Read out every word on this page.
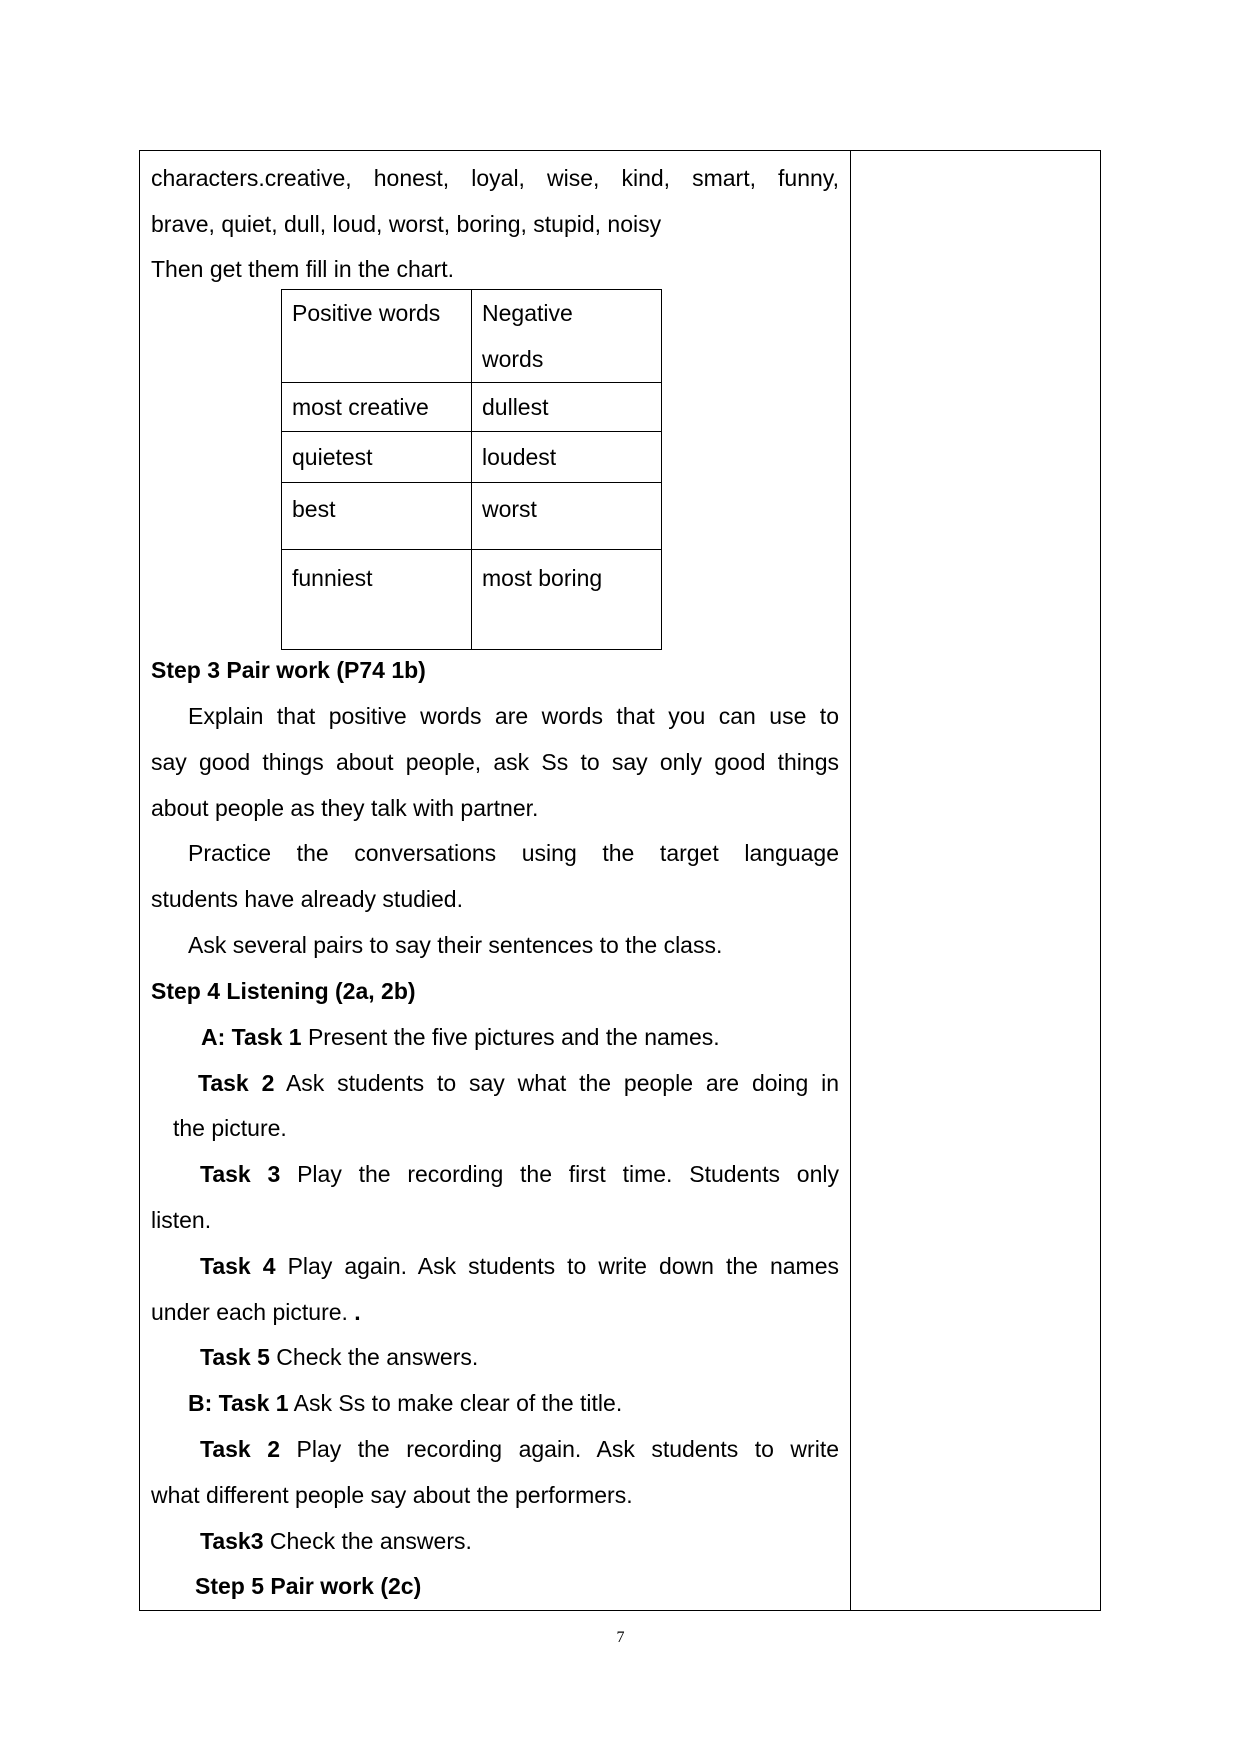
characters.creative, honest, loyal, wise, kind, smart, funny,
brave, quiet, dull, loud, worst, boring, stupid, noisy
Then get them fill in the chart.
Positive words	Negative words

most creative	dullest
quietest	loudest
best	worst
funniest	most boring
Step 3 Pair work (P74 1b)
Explain that positive words are words that you can use to
say good things about people, ask Ss to say only good things
about people as they talk with partner.
Practice the conversations using the target language
students have already studied.
Ask several pairs to say their sentences to the class.
Step 4 Listening (2a, 2b)
A: Task 1 Present the five pictures and the names.
Task 2 Ask students to say what the people are doing in
the picture.
Task 3 Play the recording the first time. Students only
listen.
Task 4 Play again. Ask students to write down the names
under each picture. .
Task 5 Check the answers.
B: Task 1 Ask Ss to make clear of the title.
Task 2 Play the recording again. Ask students to write
what different people say about the performers.
Task3 Check the answers.
Step 5 Pair work (2c)
7
